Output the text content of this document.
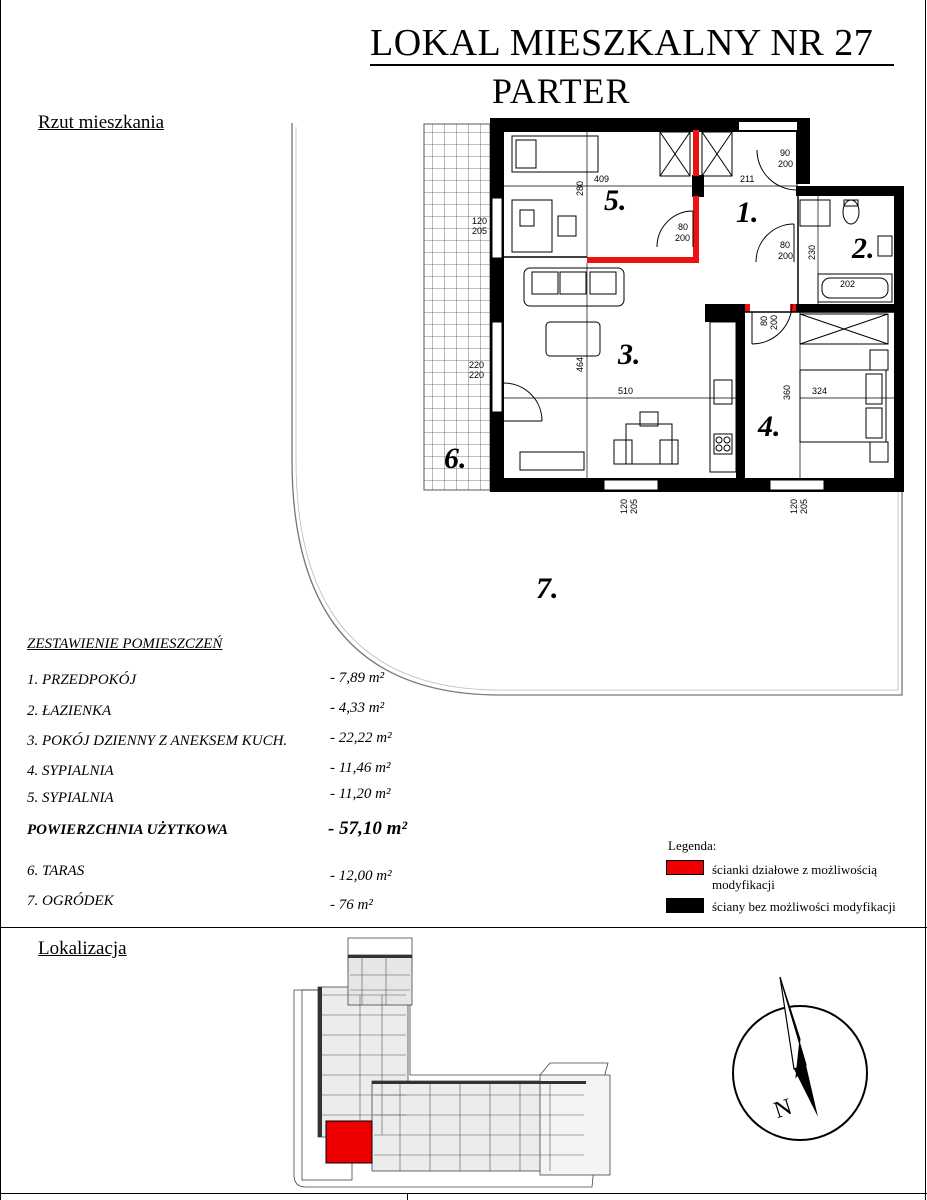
LOKAL MIESZKALNY NR 27
PARTER
Rzut mieszkania
1.
2.
3.
4.
5.
6.
7.
409	211
280
230
202
464
510	360 324
90
200
80
200
80
200
80 200
120
205
220
220
120 205	120 205
ZESTAWIENIE POMIESZCZEŃ
1. PRZEDPOKÓJ	- 7,89 m²
2. ŁAZIENKA	- 4,33 m²
3. POKÓJ DZIENNY Z ANEKSEM KUCH.	- 22,22 m²
4. SYPIALNIA	- 11,46 m²
5. SYPIALNIA	- 11,20 m²
POWIERZCHNIA UŻYTKOWA	- 57,10 m²
6. TARAS	- 12,00 m²
7. OGRÓDEK	- 76 m²
Legenda:
ścianki działowe z możliwością modyfikacji
ściany bez możliwości modyfikacji
Lokalizacja
N
